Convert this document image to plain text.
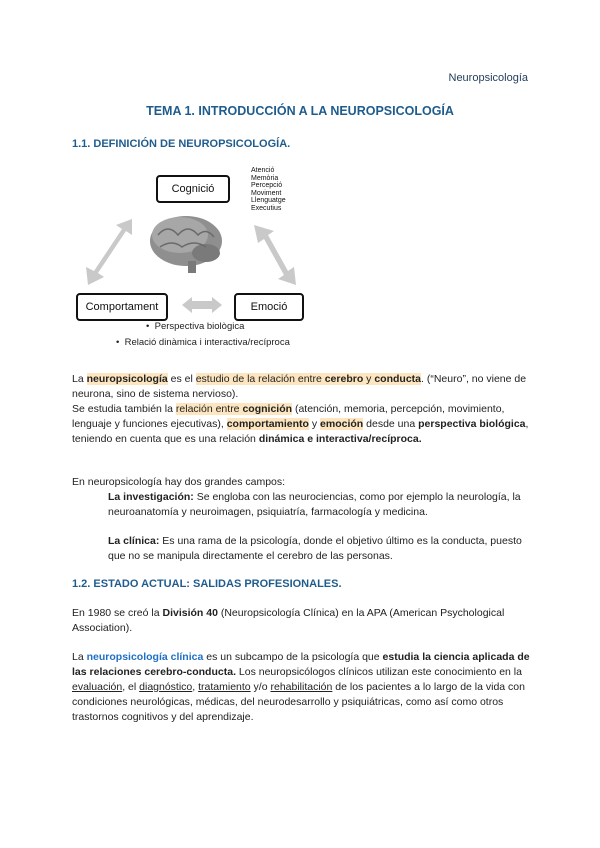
Neuropsicología
TEMA 1. INTRODUCCIÓN A LA NEUROPSICOLOGÍA
1.1. DEFINICIÓN DE NEUROPSICOLOGÍA.
Cognició
Comportament	Emoció
Atenció
Memòria
Percepció
Moviment
Llenguatge
Executius
•  Perspectiva biològica
•  Relació dinàmica i interactiva/recíproca
La neuropsicología es el estudio de la relación entre cerebro y conducta. (“Neuro”, no viene de neurona, sino de sistema nervioso).
Se estudia también la relación entre cognición (atención, memoria, percepción, movimiento, lenguaje y funciones ejecutivas), comportamiento y emoción desde una perspectiva biológica, teniendo en cuenta que es una relación dinámica e interactiva/recíproca.
En neuropsicología hay dos grandes campos:
La investigación: Se engloba con las neurociencias, como por ejemplo la neurología, la neuroanatomía y neuroimagen, psiquiatría, farmacología y medicina.
La clínica: Es una rama de la psicología, donde el objetivo último es la conducta, puesto que no se manipula directamente el cerebro de las personas.
1.2. ESTADO ACTUAL: SALIDAS PROFESIONALES.
En 1980 se creó la División 40 (Neuropsicología Clínica) en la APA (American Psychological Association).
La neuropsicología clínica es un subcampo de la psicología que estudia la ciencia aplicada de las relaciones cerebro-conducta. Los neuropsicólogos clínicos utilizan este conocimiento en la evaluación, el diagnóstico, tratamiento y/o rehabilitación de los pacientes a lo largo de la vida con condiciones neurológicas, médicas, del neurodesarrollo y psiquiátricas, como así como otros trastornos cognitivos y del aprendizaje.
